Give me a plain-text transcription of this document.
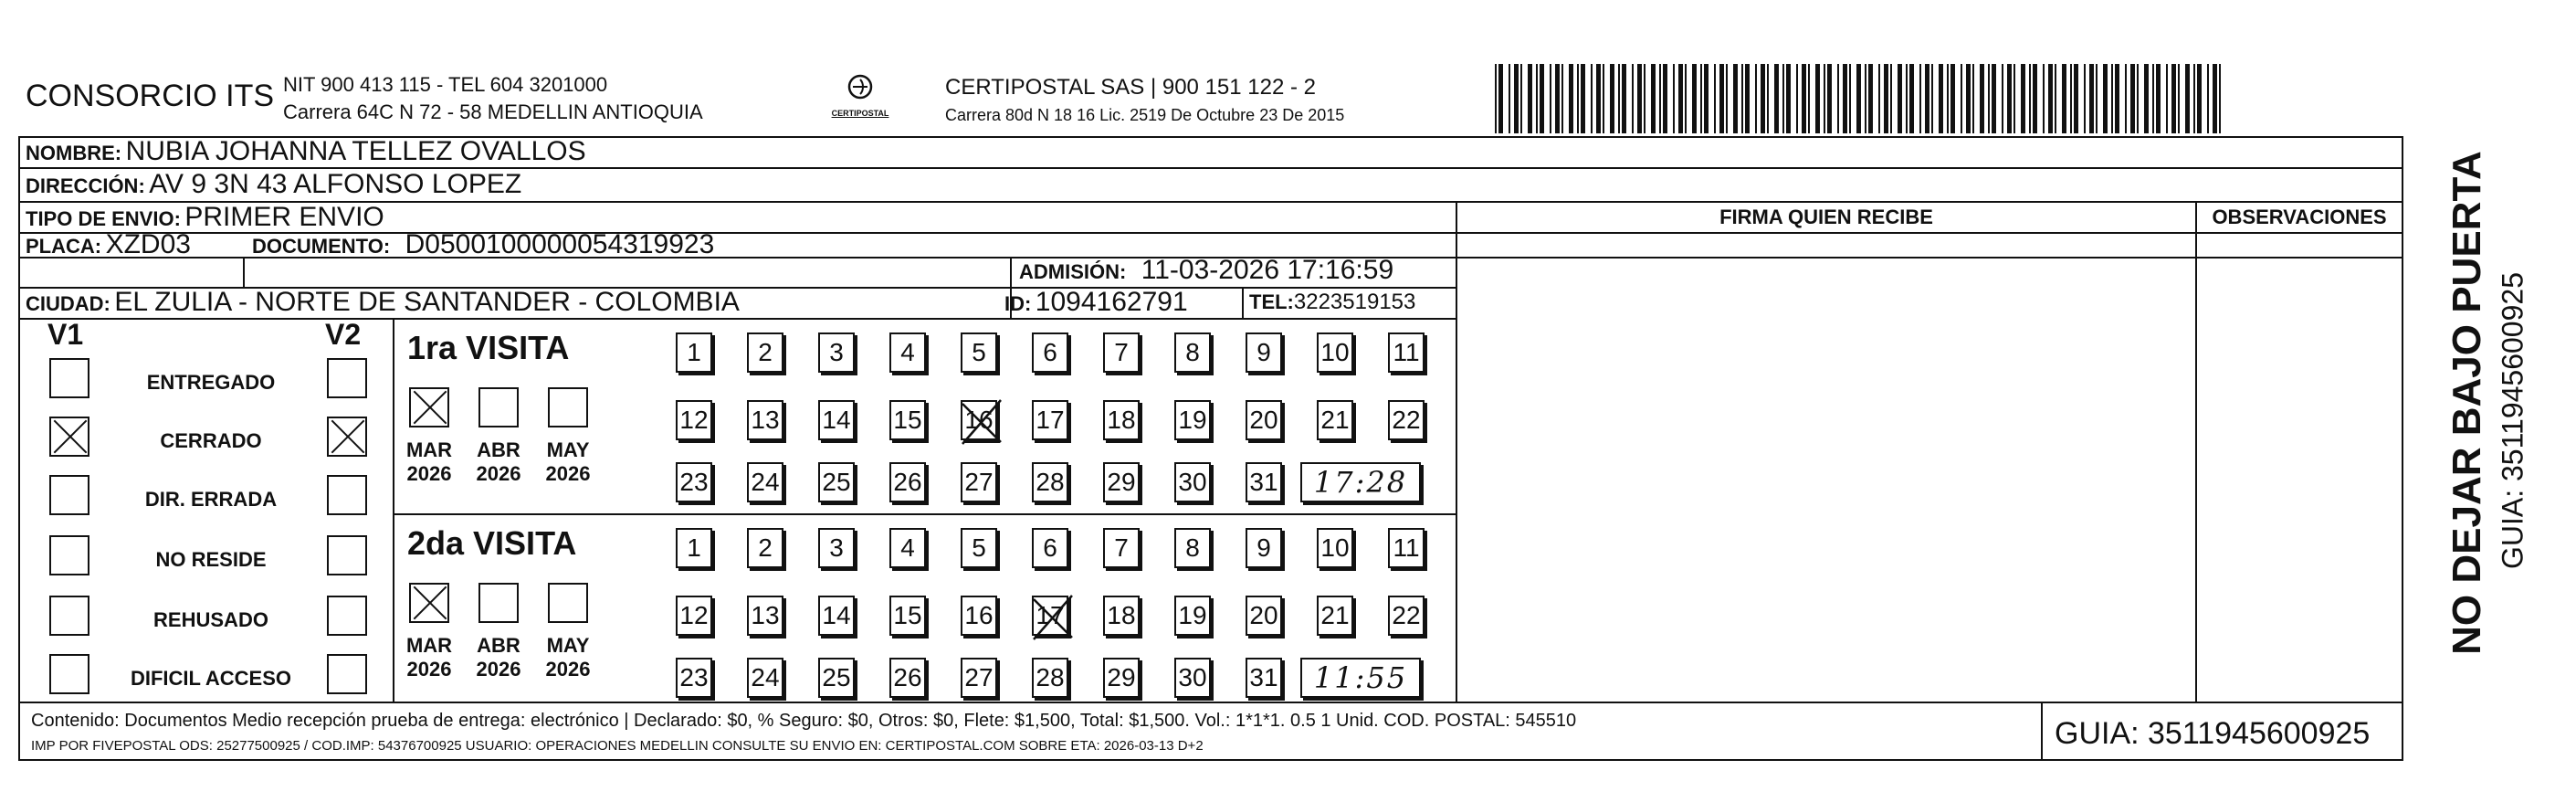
CONSORCIO ITS NIT 900 413 115 - TEL 604 3201000
Carrera 64C N 72 - 58 MEDELLIN ANTIOQUIA	CERTIPOSTAL
CERTIPOSTAL SAS | 900 151 122 - 2
Carrera 80d N 18 16 Lic. 2519 De Octubre 23 De 2015
NOMBRE: NUBIA JOHANNA TELLEZ OVALLOS
DIRECCIÓN: AV 9 3N 43 ALFONSO LOPEZ
TIPO DE ENVIO: PRIMER ENVIO	FIRMA QUIEN RECIBE	OBSERVACIONES
PLACA: XZD03	DOCUMENTO: D0500100000054319923
ADMISIÓN: 11-03-2026 17:16:59
CIUDAD: EL ZULIA - NORTE DE SANTANDER - COLOMBIA	ID: 1094162791	TEL:3223519153
V1	V2
ENTREGADO
CERRADO
DIR. ERRADA
NO RESIDE
REHUSADO
DIFICIL ACCESO
1ra VISITA
MAR
2026
ABR
2026
MAY
2026
1	2	3	4	5	6	7	8	9	10 11
12 13 14 15 16 17 18 19 20 21 22
23 24 25 26 27 28 29 30 31	17:28
2da VISITA
MAR
2026
ABR
2026
MAY
2026
1	2	3	4	5	6	7	8	9	10 11
12 13 14 15 16 17 18 19 20 21 22
23 24 25 26 27 28 29 30 31	11:55
Contenido: Documentos Medio recepción prueba de entrega: electrónico | Declarado: $0, % Seguro: $0, Otros: $0, Flete: $1,500, Total: $1,500. Vol.: 1*1*1. 0.5 1 Unid. COD. POSTAL: 545510
IMP POR FIVEPOSTAL ODS: 25277500925 / COD.IMP: 54376700925 USUARIO: OPERACIONES MEDELLIN CONSULTE SU ENVIO EN: CERTIPOSTAL.COM SOBRE ETA: 2026-03-13 D+2	GUIA: 3511945600925
NO DEJAR BAJO PUERTA GUIA: 3511945600925
